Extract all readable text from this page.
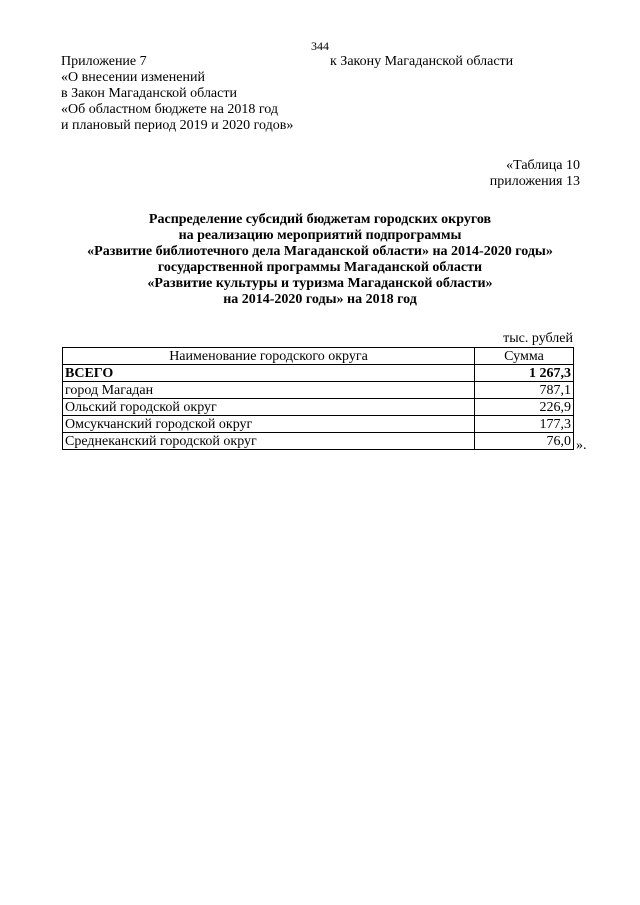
344
Приложение 7
«О внесении изменений
в Закон Магаданской области
«Об областном бюджете на 2018 год
и плановый период 2019 и 2020 годов»
к Закону Магаданской области
«Таблица 10
приложения 13
Распределение субсидий бюджетам городских округов
на реализацию мероприятий подпрограммы
«Развитие библиотечного дела Магаданской области» на 2014-2020 годы»
государственной программы Магаданской области
«Развитие культуры и туризма Магаданской области»
на 2014-2020 годы» на 2018 год
тыс. рублей
Наименование городского округа	Сумма
ВСЕГО	1 267,3
город Магадан	787,1
Ольский городской округ	226,9
Омсукчанский городской округ	177,3
Среднеканский городской округ	76,0 ».
